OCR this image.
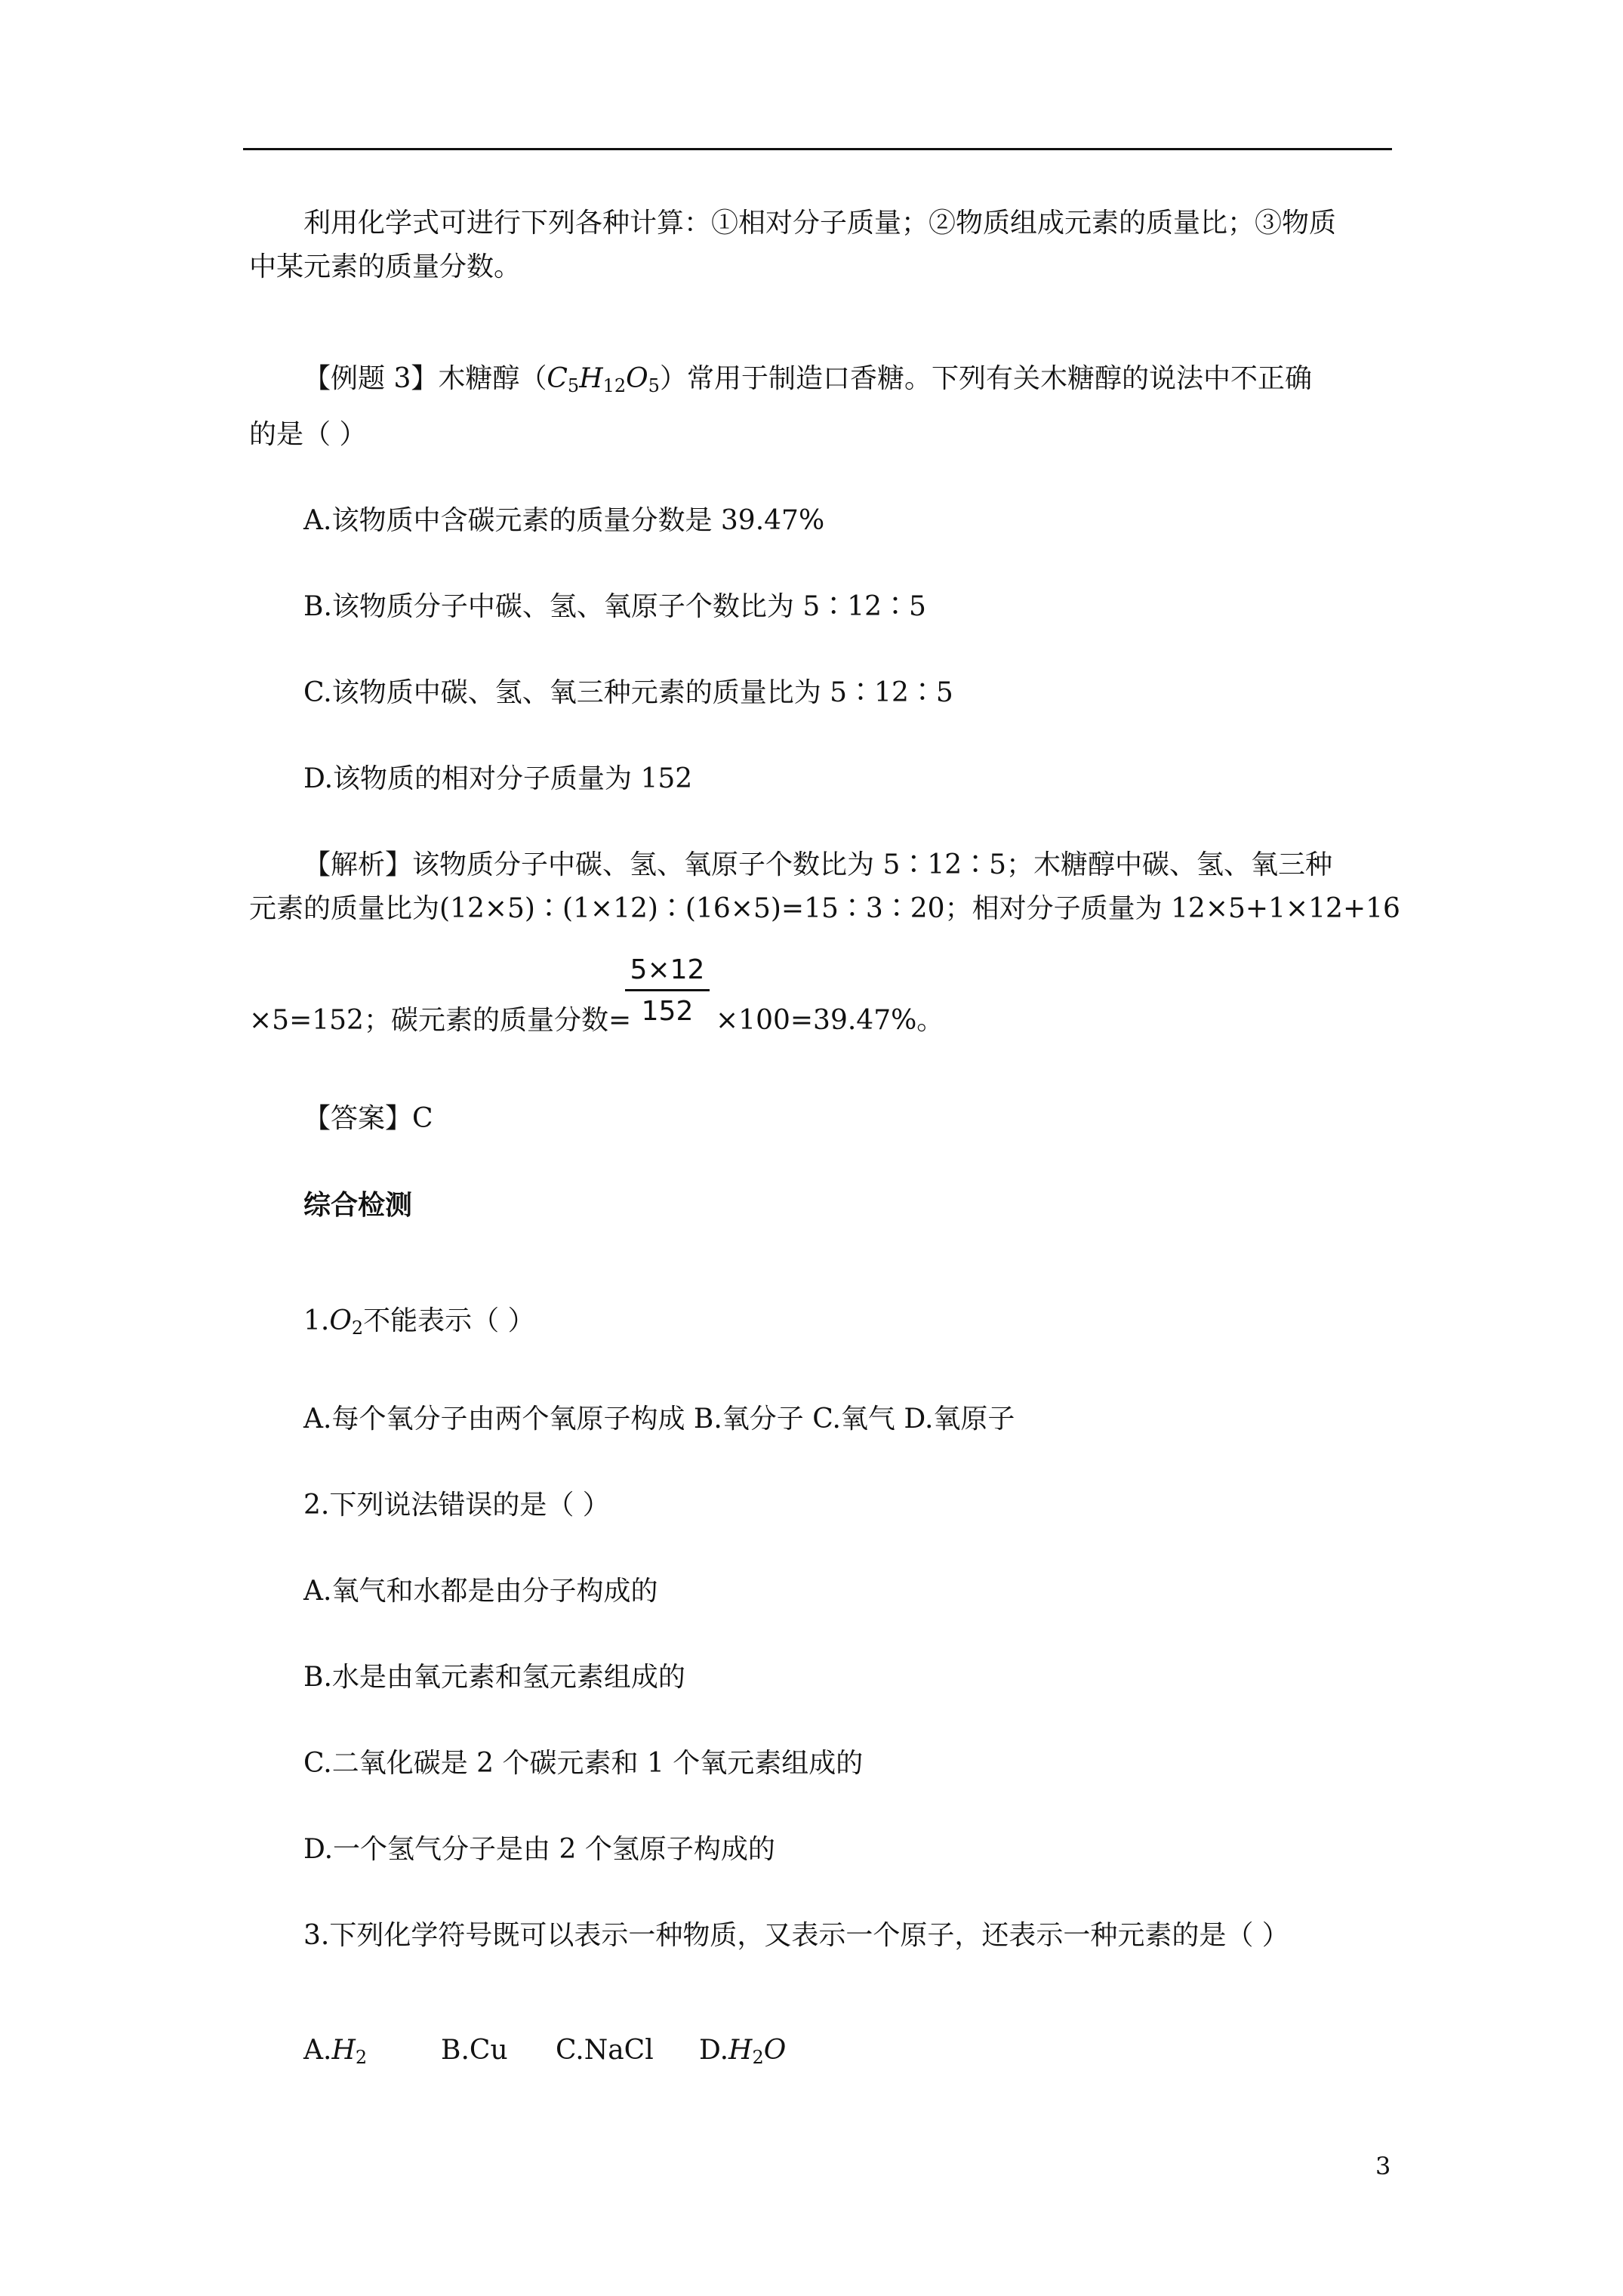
利用化学式可进行下列各种计算：①相对分子质量；②物质组成元素的质量比；③物质
中某元素的质量分数。
【例题 3】木糖醇$(C_5H_{12}O_5)$常用于制造口香糖。下列有关木糖醇的说法中不正确
的是（ ）
A.该物质中含碳元素的质量分数是 39.47%
B.该物质分子中碳、氢、氧原子个数比为 5∶12∶5
C.该物质中碳、氢、氧三种元素的质量比为 5∶12∶5
D.该物质的相对分子质量为 152
【解析】该物质分子中碳、氢、氧原子个数比为 5∶12∶5；木糖醇中碳、氢、氧三种
元素的质量比为(12×5)∶(1×12)∶(16×5)=15∶3∶20；相对分子质量为 12×5+1×12+16
×5=152；碳元素的质量分数=
$\frac{5\times 12}{152} \times 100=39.47\%$。
【答案】C
综合检测
$1.O_2$不能表示（ ）
A.每个氧分子由两个氧原子构成 B.氧分子 C.氧气 D.氧原子
2.下列说法错误的是（ ）
A.氧气和水都是由分子构成的
B.水是由氧元素和氢元素组成的
C.二氧化碳是 2 个碳元素和 1 个氧元素组成的
D.一个氢气分子是由 2 个氢原子构成的
3.下列化学符号既可以表示一种物质，又表示一个原子，还表示一种元素的是（ ）
$A.H_2$	B.Cu C.NaCl $D.H_2O$
3
